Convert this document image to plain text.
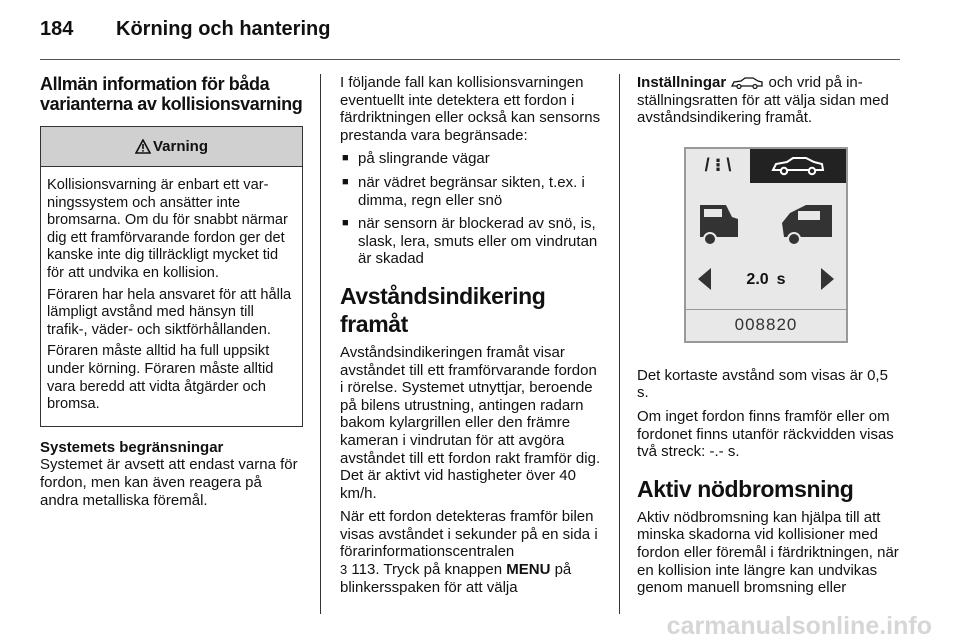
184	Körning och hantering
Allmän information för båda varianterna av kollisionsvarning
Varning

Kollisionsvarning är enbart ett varningssystem och ansätter inte bromsarna. Om du för snabbt närmar dig ett framförvarande fordon ger det kanske inte dig tillräckligt mycket tid för att undvika en kollision.

Föraren har hela ansvaret för att hålla lämpligt avstånd med hänsyn till trafik-, väder- och siktförhållanden.

Föraren måste alltid ha full uppsikt under körning. Föraren måste alltid vara beredd att vidta åtgärder och bromsa.

Systemets begränsningar

Systemet är avsett att endast varna för fordon, men kan även reagera på andra metalliska föremål.

I följande fall kan kollisionsvarningen eventuellt inte detektera ett fordon i färdriktningen eller också kan sensorns prestanda vara begränsade:

■ på slingrande vägar
■ när vädret begränsar sikten, t.ex. i dimma, regn eller snö
■ när sensorn är blockerad av snö, is, slask, lera, smuts eller om vindrutan är skadad
Avståndsindikering framåt

Avståndsindikeringen framåt visar avståndet till ett framförvarande fordon i rörelse. Systemet utnyttjar, beroende på bilens utrustning, antingen radarn bakom kylargrillen eller den främre kameran i vindrutan för att avgöra avståndet till ett fordon rakt framför dig. Det är aktivt vid hastigheter över 40 km/h.

När ett fordon detekteras framför bilen visas avståndet i sekunder på en sida i förarinformationscentralen
3 113. Tryck på knappen MENU på blinkersspaken för att välja

Inställningar	och vrid på inställningsratten för att välja sidan med avståndsindikering framåt.

/ ⁝ \
2.0 s
008820

Det kortaste avstånd som visas är 0,5 s.

Om inget fordon finns framför eller om fordonet finns utanför räckvidden visas två streck: -.- s.

Aktiv nödbromsning

Aktiv nödbromsning kan hjälpa till att minska skadorna vid kollisioner med fordon eller föremål i färdriktningen, när en kollision inte längre kan undvikas genom manuell bromsning eller

carmanualsonline.info
